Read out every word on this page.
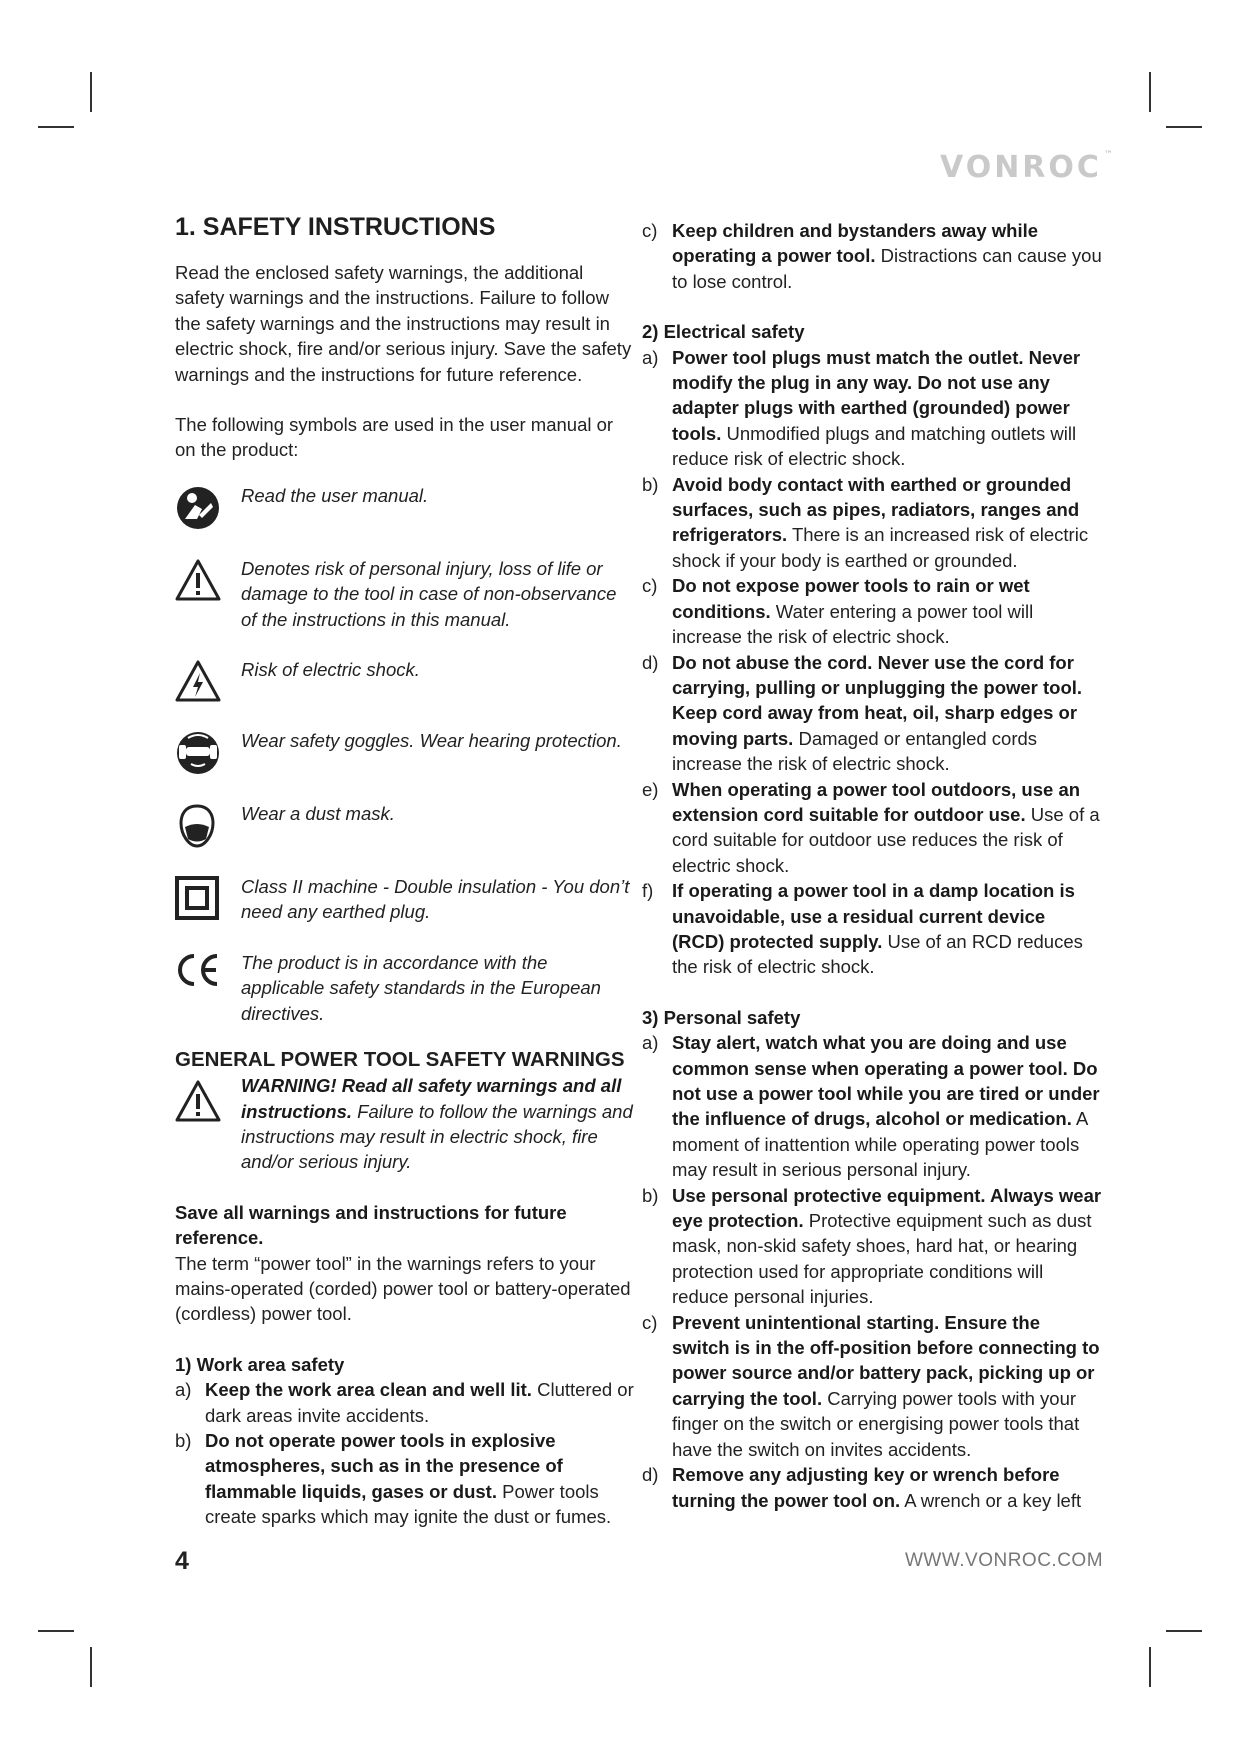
VONROC ™
1. SAFETY INSTRUCTIONS

Read the enclosed safety warnings, the additional safety warnings and the instructions. Failure to follow the safety warnings and the instructions may result in electric shock, fire and/or serious injury. Save the safety warnings and the instructions for future reference.

The following symbols are used in the user manual or on the product:

Read the user manual.
Denotes risk of personal injury, loss of life or damage to the tool in case of non-observance of the instructions in this manual.
Risk of electric shock.
Wear safety goggles. Wear hearing protection.
Wear a dust mask.
Class II machine - Double insulation - You don’t need any earthed plug.
The product is in accordance with the applicable safety standards in the European directives.
GENERAL POWER TOOL SAFETY WARNINGS
WARNING! Read all safety warnings and all instructions. Failure to follow the warnings and instructions may result in electric shock, fire and/or serious injury.

Save all warnings and instructions for future reference.

The term “power tool” in the warnings refers to your mains-operated (corded) power tool or battery-operated (cordless) power tool.

1) Work area safety

a) Keep the work area clean and well lit. Cluttered or dark areas invite accidents.
b) Do not operate power tools in explosive atmospheres, such as in the presence of flammable liquids, gases or dust. Power tools create sparks which may ignite the dust or fumes.
c) Keep children and bystanders away while operating a power tool. Distractions can cause you to lose control.

2) Electrical safety

a) Power tool plugs must match the outlet. Never modify the plug in any way. Do not use any adapter plugs with earthed (grounded) power tools. Unmodified plugs and matching outlets will reduce risk of electric shock.
b) Avoid body contact with earthed or grounded surfaces, such as pipes, radiators, ranges and refrigerators. There is an increased risk of electric shock if your body is earthed or grounded.
c) Do not expose power tools to rain or wet conditions. Water entering a power tool will increase the risk of electric shock.
d) Do not abuse the cord. Never use the cord for carrying, pulling or unplugging the power tool. Keep cord away from heat, oil, sharp edges or moving parts. Damaged or entangled cords increase the risk of electric shock.
e) When operating a power tool outdoors, use an extension cord suitable for outdoor use. Use of a cord suitable for outdoor use reduces the risk of electric shock.
f)	If operating a power tool in a damp location is unavoidable, use a residual current device (RCD) protected supply. Use of an RCD reduces the risk of electric shock.

3) Personal safety

a) Stay alert, watch what you are doing and use common sense when operating a power tool. Do not use a power tool while you are tired or under the influence of drugs, alcohol or medication. A moment of inattention while operating power tools may result in serious personal injury.
b) Use personal protective equipment. Always wear eye protection. Protective equipment such as dust mask, non-skid safety shoes, hard hat, or hearing protection used for appropriate conditions will reduce personal injuries.
c) Prevent unintentional starting. Ensure the switch is in the off-position before connecting to power source and/or battery pack, picking up or carrying the tool. Carrying power tools with your finger on the switch or energising power tools that have the switch on invites accidents.
d) Remove any adjusting key or wrench before turning the power tool on. A wrench or a key left
4	WWW.VONROC.COM
